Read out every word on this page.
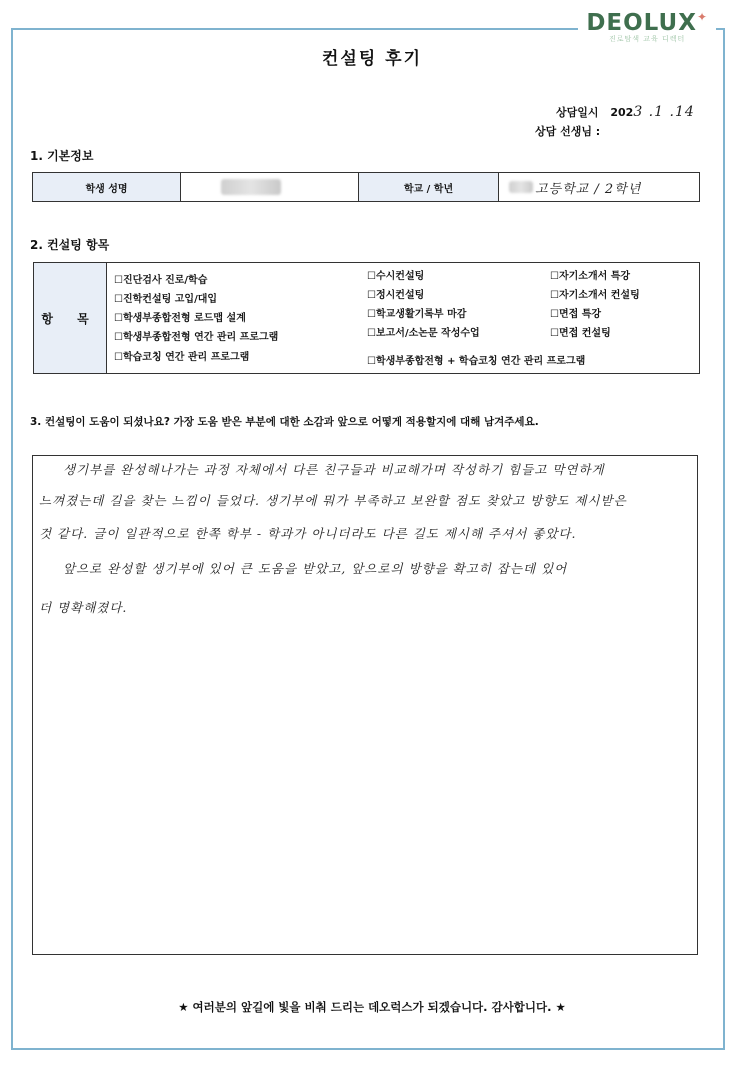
DEOLUX✦
진로탐색 교육 디렉터
컨설팅 후기
상담일시 2023 .1 .14
상담 선생님 :
1. 기본정보
학생 성명	학교 / 학년	고등학교 / 2학년
2. 컨설팅 항목
항 목
☐진단검사 진로/학습
☐진학컨설팅 고입/대입
☐학생부종합전형 로드맵 설계
☐학생부종합전형 연간 관리 프로그램
☐학습코칭 연간 관리 프로그램
☐수시컨설팅
☐정시컨설팅
☐학교생활기록부 마감
☐보고서/소논문 작성수업
☐학생부종합전형 + 학습코칭 연간 관리 프로그램
☐자기소개서 특강
☐자기소개서 컨설팅
☐면접 특강
☐면접 컨설팅
3. 컨설팅이 도움이 되셨나요? 가장 도움 받은 부분에 대한 소감과 앞으로 어떻게 적용할지에 대해 남겨주세요.
생기부를 완성해나가는 과정 자체에서 다른 친구들과 비교해가며 작성하기 힘들고 막연하게
느껴졌는데 길을 찾는 느낌이 들었다. 생기부에 뭐가 부족하고 보완할 점도 찾았고 방향도 제시받은
것 같다. 글이 일관적으로 한쪽 학부 - 학과가 아니더라도 다른 길도 제시해 주셔서 좋았다.
앞으로 완성할 생기부에 있어 큰 도움을 받았고, 앞으로의 방향을 확고히 잡는데 있어
더 명확해졌다.
★ 여러분의 앞길에 빛을 비춰 드리는 데오럭스가 되겠습니다. 감사합니다. ★
